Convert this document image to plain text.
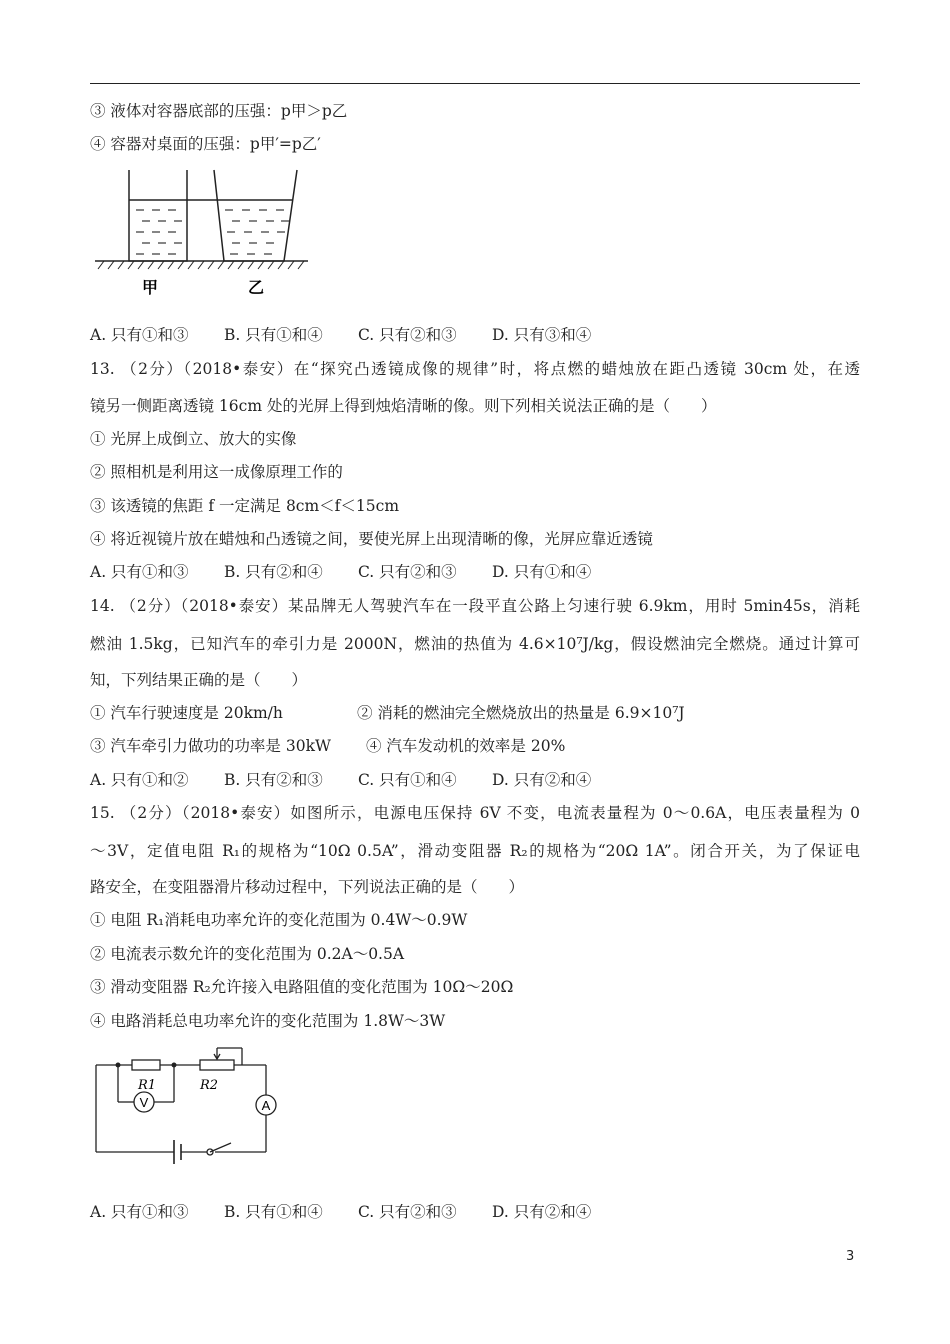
③ 液体对容器底部的压强：p甲＞p乙
④ 容器对桌面的压强：p甲′=p乙′
甲	乙
A. 只有①和③ B. 只有①和④ C. 只有②和③ D. 只有③和④
13. （2分）（2018•泰安）在“探究凸透镜成像的规律”时，将点燃的蜡烛放在距凸透镜 30cm 处，在透
镜另一侧距离透镜 16cm 处的光屏上得到烛焰清晰的像。则下列相关说法正确的是（　　）
① 光屏上成倒立、放大的实像
② 照相机是利用这一成像原理工作的
③ 该透镜的焦距 f 一定满足 8cm＜f＜15cm
④ 将近视镜片放在蜡烛和凸透镜之间，要使光屏上出现清晰的像，光屏应靠近透镜
A. 只有①和③ B. 只有②和④ C. 只有②和③ D. 只有①和④
14. （2分）（2018•泰安）某品牌无人驾驶汽车在一段平直公路上匀速行驶 6.9km，用时 5min45s，消耗
燃油 1.5kg，已知汽车的牵引力是 2000N，燃油的热值为 4.6×10⁷J/kg，假设燃油完全燃烧。通过计算可
知，下列结果正确的是（　　）
① 汽车行驶速度是 20km/h	② 消耗的燃油完全燃烧放出的热量是 6.9×10⁷J
③ 汽车牵引力做功的功率是 30kW ④ 汽车发动机的效率是 20%
A. 只有①和② B. 只有②和③ C. 只有①和④ D. 只有②和④
15. （2分）（2018•泰安）如图所示，电源电压保持 6V 不变，电流表量程为 0～0.6A，电压表量程为 0
～3V，定值电阻 R₁的规格为“10Ω 0.5A”，滑动变阻器 R₂的规格为“20Ω 1A”。闭合开关，为了保证电
路安全，在变阻器滑片移动过程中，下列说法正确的是（　　）
① 电阻 R₁消耗电功率允许的变化范围为 0.4W～0.9W
② 电流表示数允许的变化范围为 0.2A～0.5A
③ 滑动变阻器 R₂允许接入电路阻值的变化范围为 10Ω～20Ω
④ 电路消耗总电功率允许的变化范围为 1.8W～3W
R1	R2
V	A
A. 只有①和③ B. 只有①和④ C. 只有②和③ D. 只有②和④
3
